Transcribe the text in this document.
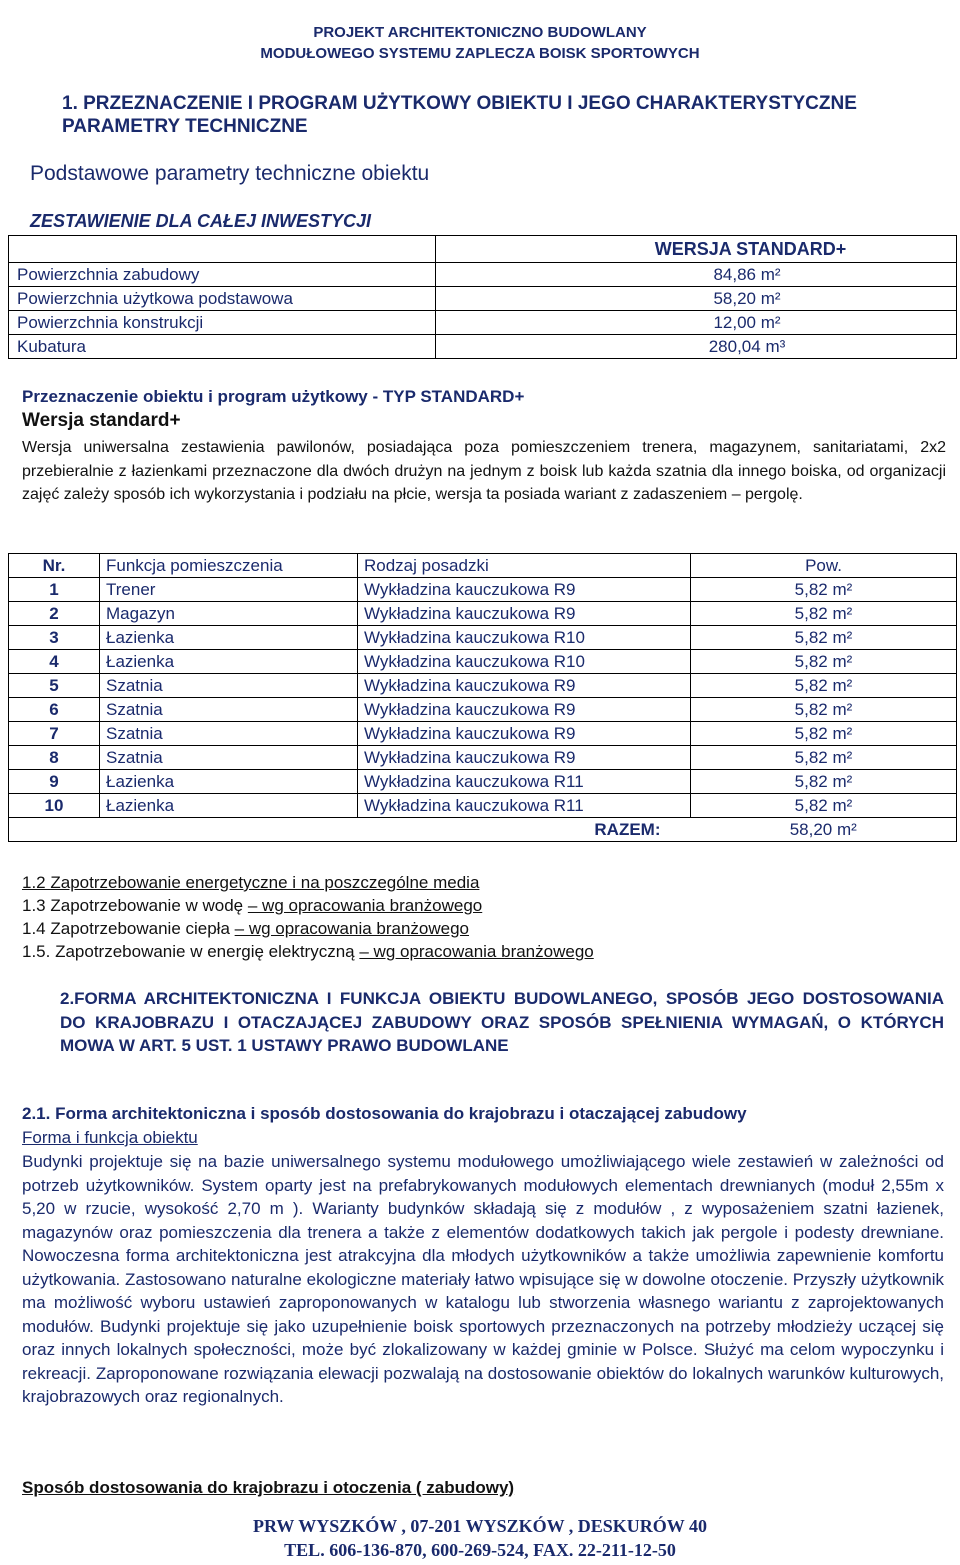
PROJEKT ARCHITEKTONICZNO BUDOWLANY
MODUŁOWEGO SYSTEMU ZAPLECZA BOISK SPORTOWYCH
1. PRZEZNACZENIE I PROGRAM UŻYTKOWY OBIEKTU I JEGO CHARAKTERYSTYCZNE PARAMETRY TECHNICZNE
Podstawowe parametry techniczne obiektu
ZESTAWIENIE DLA CAŁEJ INWESTYCJI
	WERSJA STANDARD+
Powierzchnia zabudowy	84,86 m²
Powierzchnia użytkowa podstawowa	58,20 m²
Powierzchnia konstrukcji	12,00 m²
Kubatura	280,04 m³
Przeznaczenie obiektu i program użytkowy - TYP STANDARD+
Wersja standard+
Wersja uniwersalna zestawienia pawilonów, posiadająca poza pomieszczeniem trenera, magazynem, sanitariatami, 2x2 przebieralnie z łazienkami przeznaczone dla dwóch drużyn na jednym z boisk lub każda szatnia dla innego boiska, od organizacji zajęć zależy sposób ich wykorzystania i podziału na płcie, wersja ta posiada wariant z zadaszeniem – pergolę.
Nr.	Funkcja pomieszczenia	Rodzaj posadzki	Pow.
1	Trener	Wykładzina kauczukowa R9	5,82 m²
2	Magazyn	Wykładzina kauczukowa R9	5,82 m²
3	Łazienka	Wykładzina kauczukowa R10	5,82 m²
4	Łazienka	Wykładzina kauczukowa R10	5,82 m²
5	Szatnia	Wykładzina kauczukowa R9	5,82 m²
6	Szatnia	Wykładzina kauczukowa R9	5,82 m²
7	Szatnia	Wykładzina kauczukowa R9	5,82 m²
8	Szatnia	Wykładzina kauczukowa R9	5,82 m²
9	Łazienka	Wykładzina kauczukowa R11	5,82 m²
10	Łazienka	Wykładzina kauczukowa R11	5,82 m²
RAZEM:			58,20 m²
1.2 Zapotrzebowanie energetyczne i na poszczególne media
1.3 Zapotrzebowanie w wodę – wg opracowania branżowego
1.4 Zapotrzebowanie ciepła – wg opracowania branżowego
1.5. Zapotrzebowanie w energię elektryczną – wg opracowania branżowego
2.FORMA ARCHITEKTONICZNA I FUNKCJA OBIEKTU BUDOWLANEGO, SPOSÓB JEGO DOSTOSOWANIA DO KRAJOBRAZU I OTACZAJĄCEJ ZABUDOWY ORAZ SPOSÓB SPEŁNIENIA WYMAGAŃ, O KTÓRYCH MOWA W ART. 5 UST. 1 USTAWY PRAWO BUDOWLANE
2.1. Forma architektoniczna i sposób dostosowania do krajobrazu i otaczającej zabudowy
Forma i funkcja obiektu
Budynki projektuje się na bazie uniwersalnego systemu modułowego umożliwiającego wiele zestawień w zależności od potrzeb użytkowników. System oparty jest na prefabrykowanych modułowych elementach drewnianych (moduł 2,55m x 5,20 w rzucie, wysokość 2,70 m ). Warianty budynków składają się z modułów , z wyposażeniem szatni łazienek, magazynów oraz pomieszczenia dla trenera a także z elementów dodatkowych takich jak pergole i podesty drewniane. Nowoczesna forma architektoniczna jest atrakcyjna dla młodych użytkowników a także umożliwia zapewnienie komfortu użytkowania. Zastosowano naturalne ekologiczne materiały łatwo wpisujące się w dowolne otoczenie. Przyszły użytkownik ma możliwość wyboru ustawień zaproponowanych w katalogu lub stworzenia własnego wariantu z zaprojektowanych modułów. Budynki projektuje się jako uzupełnienie boisk sportowych przeznaczonych na potrzeby młodzieży uczącej się oraz innych lokalnych społeczności, może być zlokalizowany w każdej gminie w Polsce. Służyć ma celom wypoczynku i rekreacji. Zaproponowane rozwiązania elewacji pozwalają na dostosowanie obiektów do lokalnych warunków kulturowych, krajobrazowych oraz regionalnych.
Sposób dostosowania do krajobrazu i otoczenia ( zabudowy)
PRW WYSZKÓW , 07-201 WYSZKÓW , DESKURÓW 40
TEL. 606-136-870, 600-269-524, FAX. 22-211-12-50
